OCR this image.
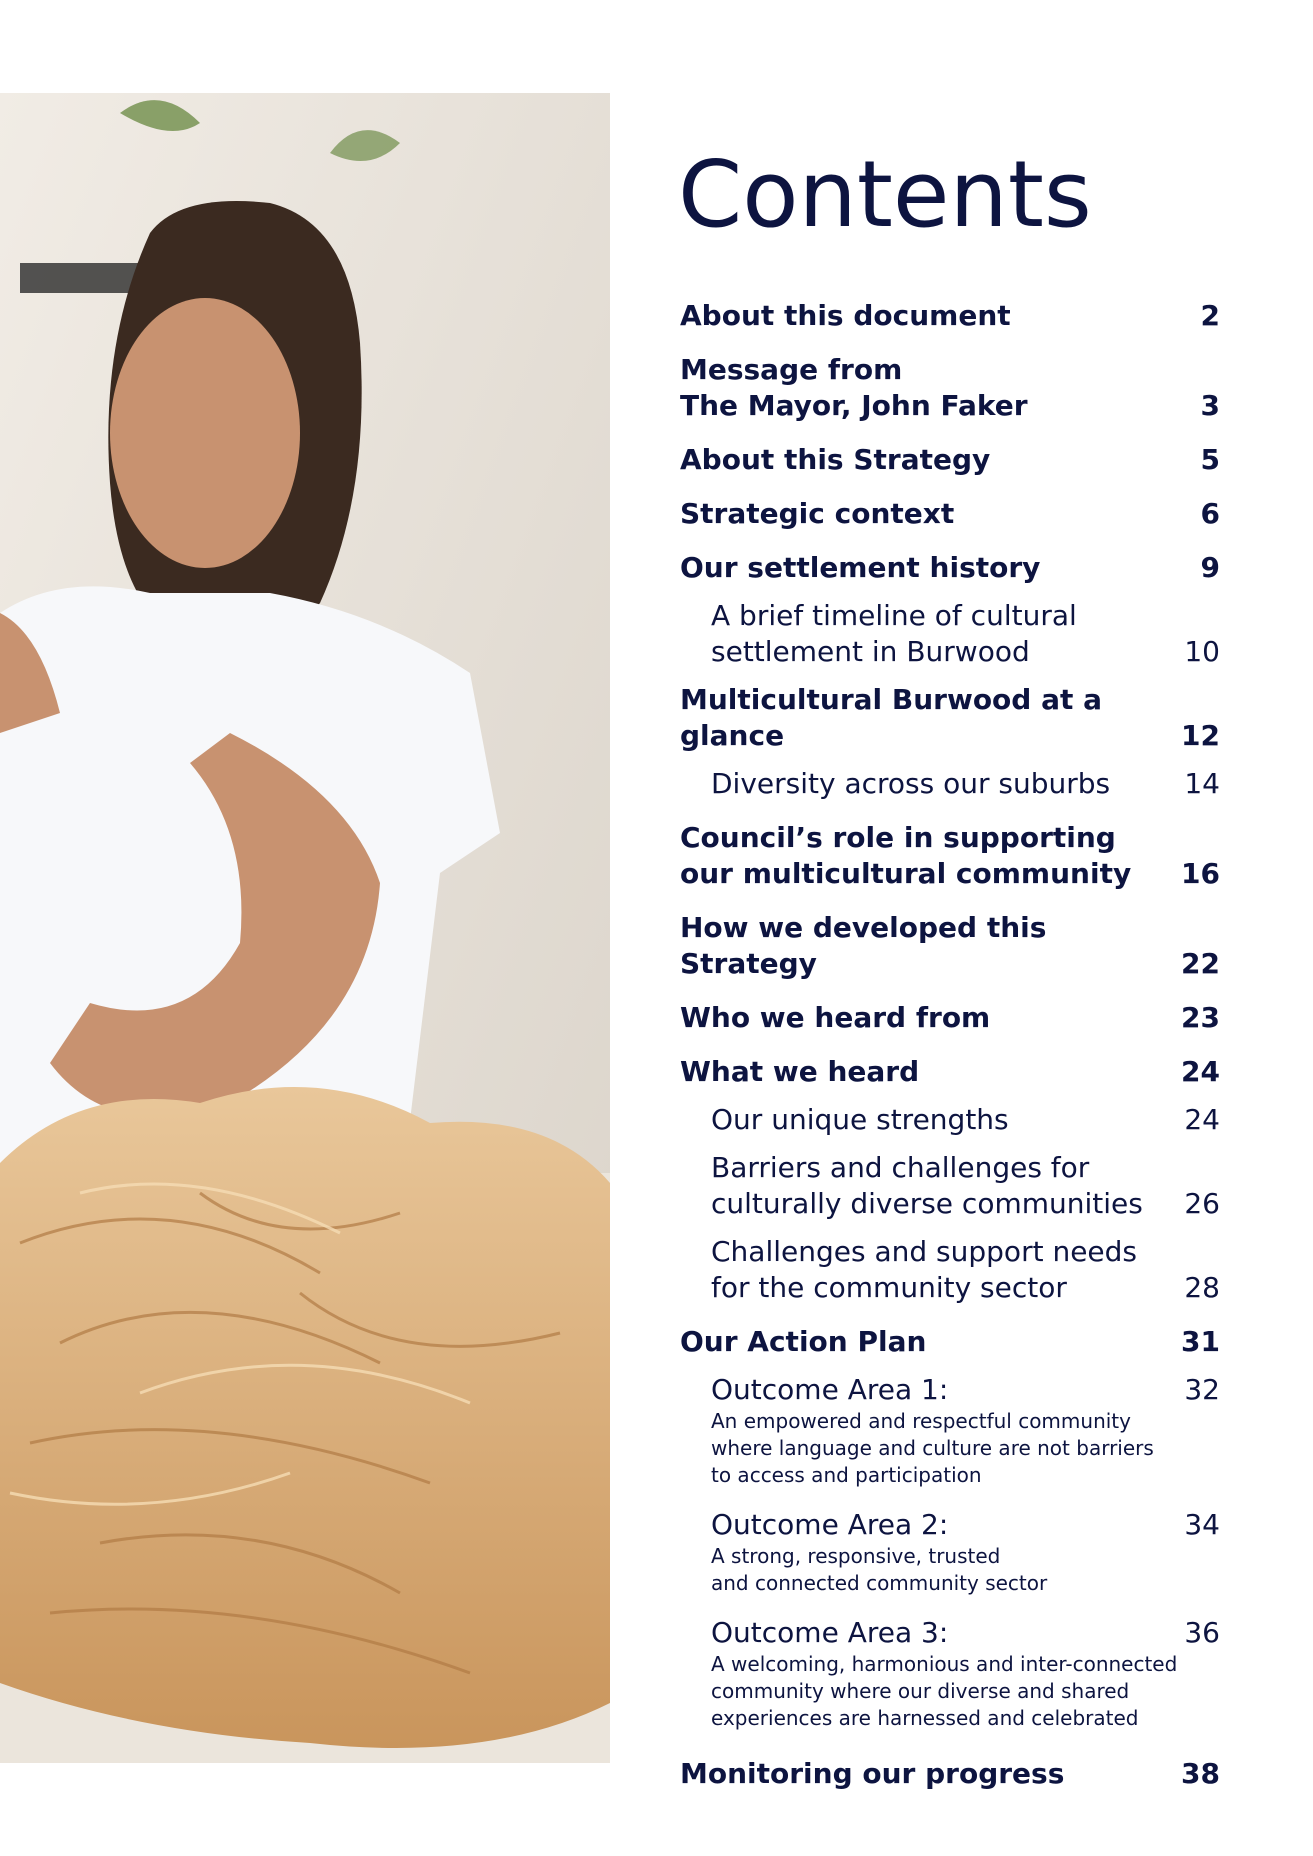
Contents
About this document	2
Message from
The Mayor, John Faker	3
About this Strategy	5
Strategic context	6
Our settlement history	9
A brief timeline of cultural
settlement in Burwood	10
Multicultural Burwood at a glance	12
Diversity across our suburbs	14
Council’s role in supporting
our multicultural community	16
How we developed this Strategy	22
Who we heard from	23
What we heard	24
Our unique strengths	24
Barriers and challenges for
culturally diverse communities	26
Challenges and support needs
for the community sector	28
Our Action Plan	31
Outcome Area 1:	32
An empowered and respectful community
where language and culture are not barriers
to access and participation
Outcome Area 2:	34
A strong, responsive, trusted
and connected community sector
Outcome Area 3:	36
A welcoming, harmonious and inter-connected
community where our diverse and shared
experiences are harnessed and celebrated
Monitoring our progress	38
